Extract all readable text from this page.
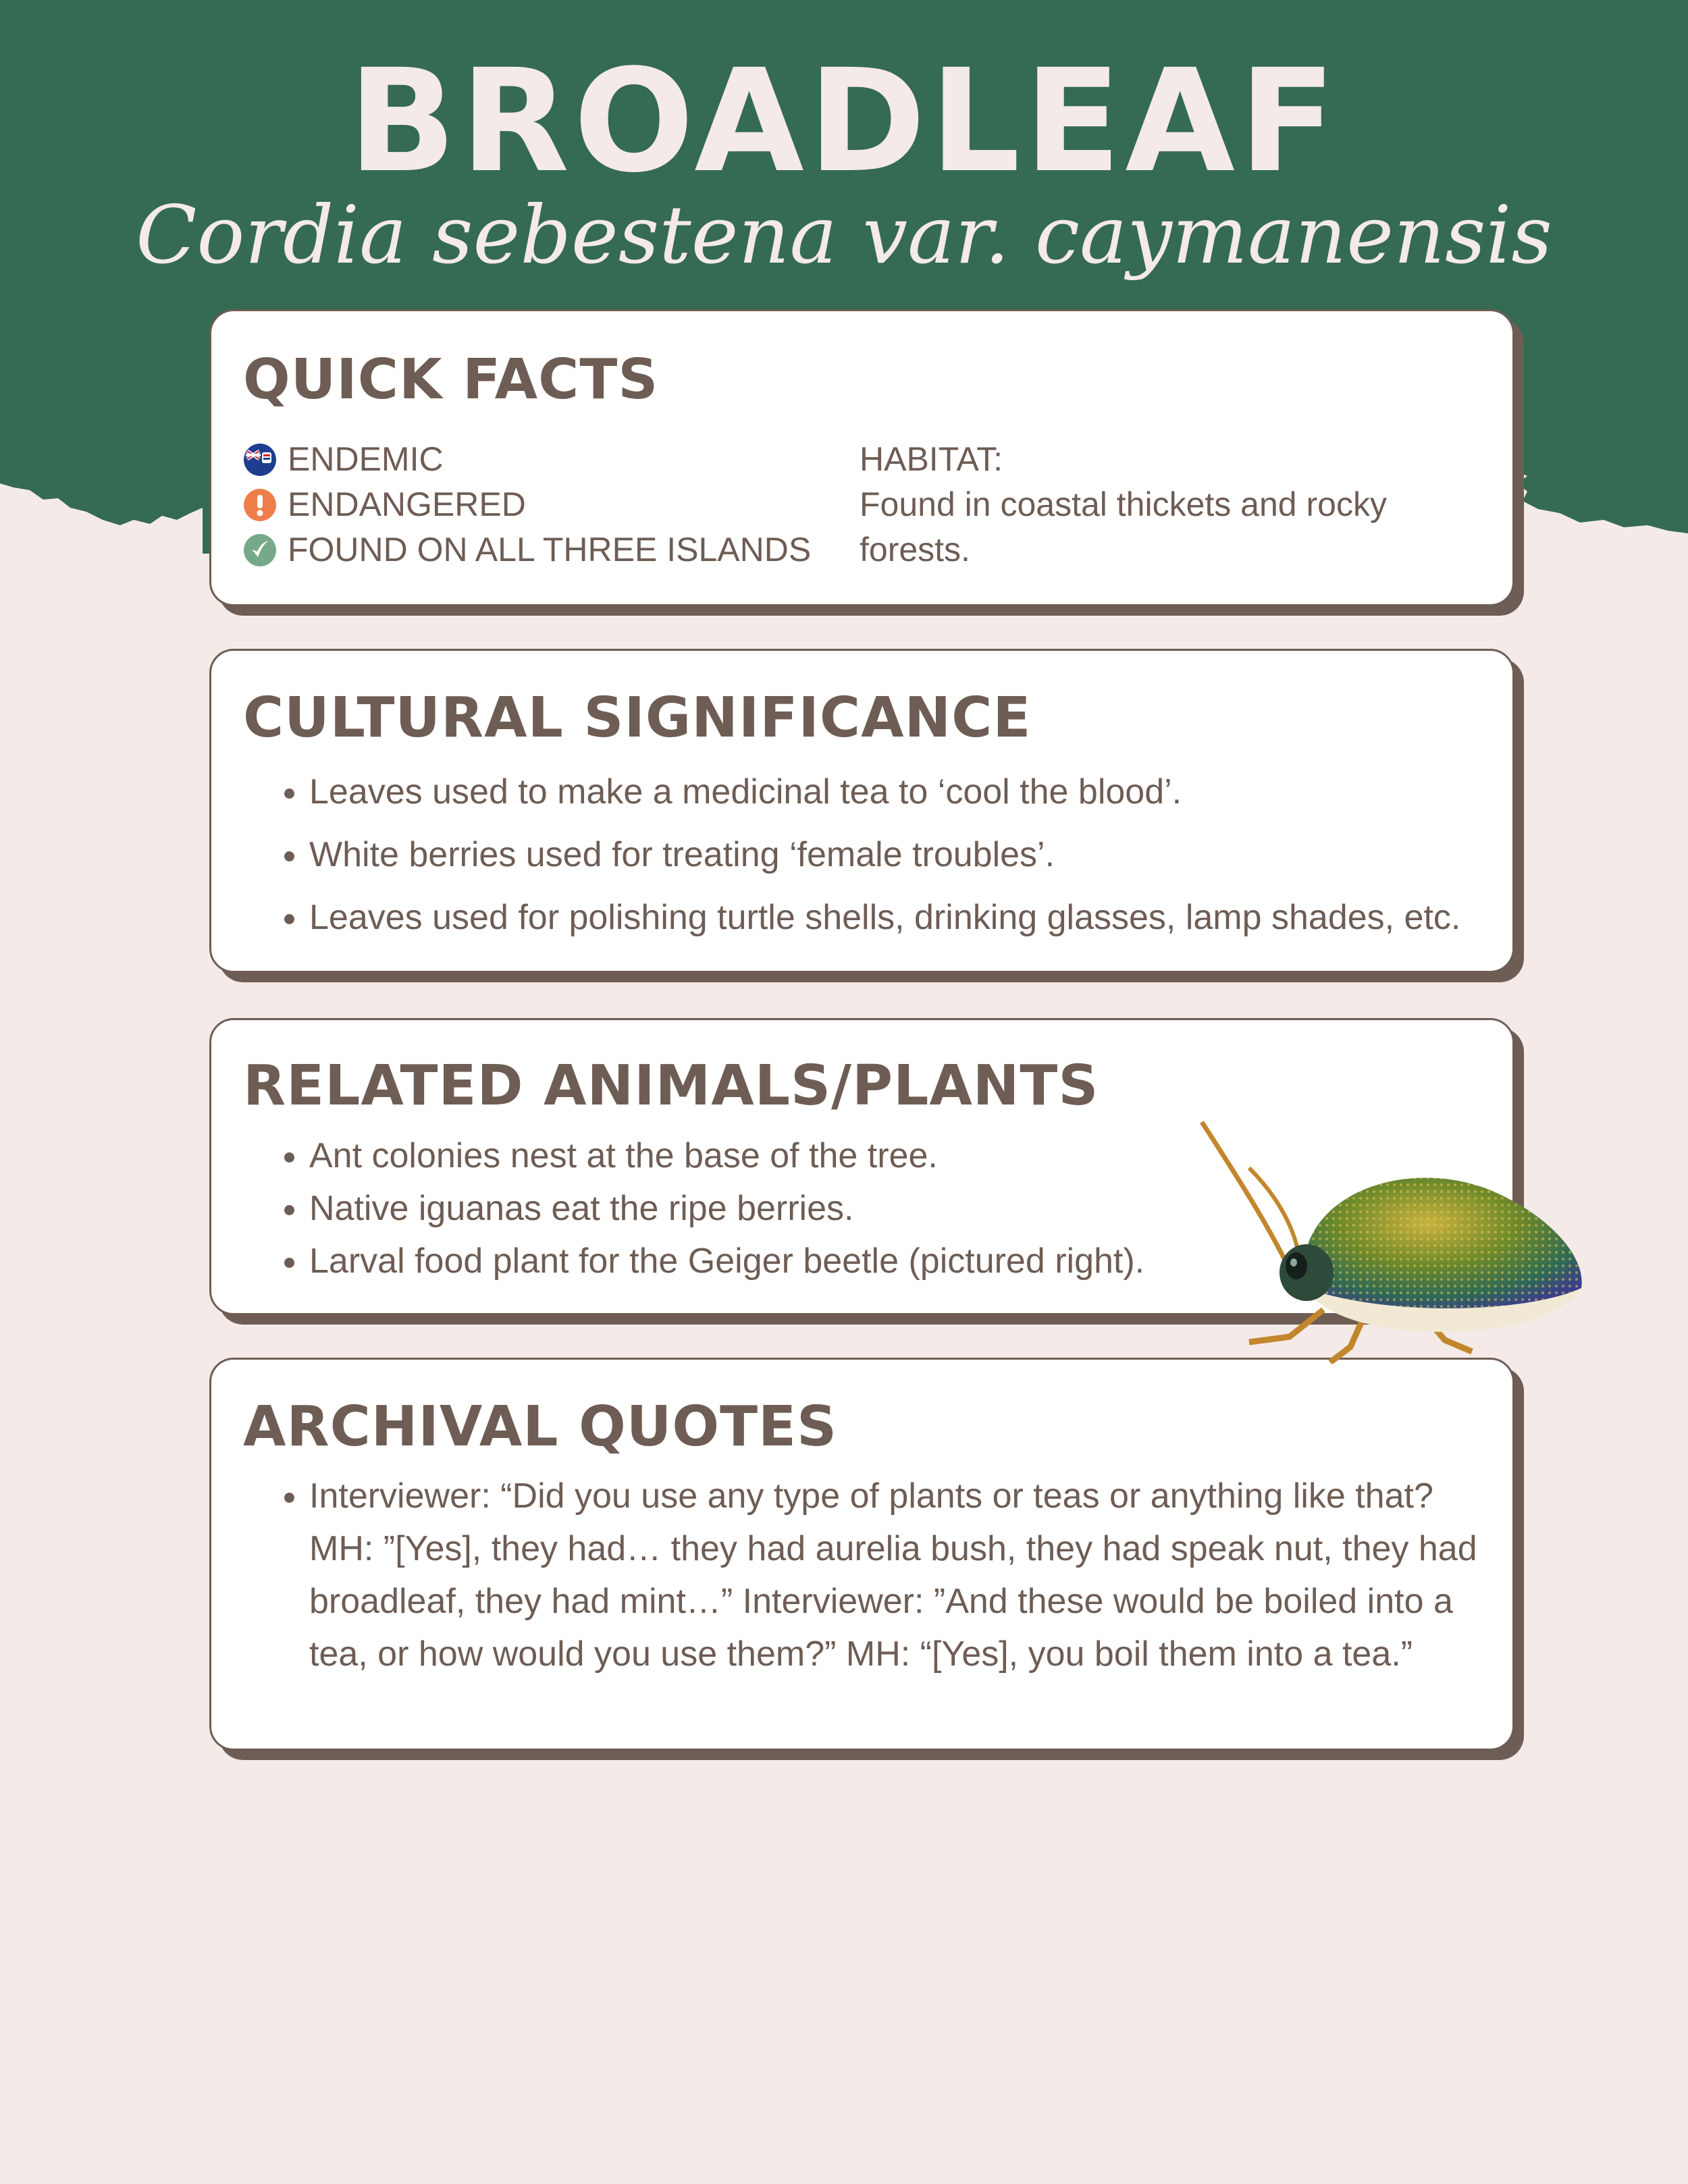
BROADLEAF

Cordia sebestena var. caymanensis

QUICK FACTS
ENDEMIC
ENDANGERED
FOUND ON ALL THREE ISLANDS
HABITAT:
Found in coastal thickets and rocky
forests.
CULTURAL SIGNIFICANCE
• Leaves used to make a medicinal tea to ‘cool the blood’.
• White berries used for treating ‘female troubles’.
• Leaves used for polishing turtle shells, drinking glasses, lamp shades, etc.
RELATED ANIMALS/PLANTS
• Ant colonies nest at the base of the tree.
• Native iguanas eat the ripe berries.
• Larval food plant for the Geiger beetle (pictured right).
ARCHIVAL QUOTES
• Interviewer: “Did you use any type of plants or teas or anything like that? MH: ”[Yes], they had… they had aurelia bush, they had speak nut, they had broadleaf, they had mint…” Interviewer: ”And these would be boiled into a tea, or how would you use them?” MH: “[Yes], you boil them into a tea.”
